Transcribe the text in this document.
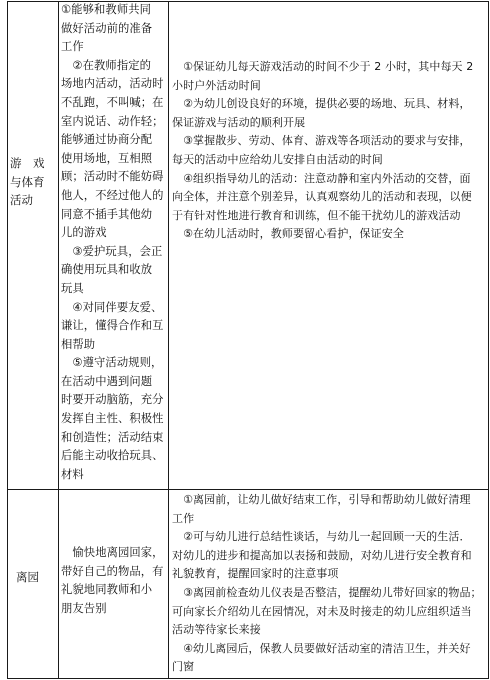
游　戏

与体育

活动

①能够和教师共同

做好活动前的准备

工作

　②在教师指定的

场地内活动，活动时

不乱跑，不叫喊；在

室内说话、动作轻；

能够通过协商分配

使用场地，互相照

顾；活动时不能妨碍

他人，不经过他人的

同意不插手其他幼

儿的游戏

　③爱护玩具，会正

确使用玩具和收放

玩具

　④对同伴要友爱、

谦让，懂得合作和互

相帮助

　⑤遵守活动规则，

在活动中遇到问题

时要开动脑筋，充分

发挥自主性、积极性

和创造性；活动结束

后能主动收拾玩具、

材料

　①保证幼儿每天游戏活动的时间不少于 2 小时，其中每天 2

小时户外活动时间

　②为幼儿创设良好的环境，提供必要的场地、玩具、材料，

保证游戏与活动的顺利开展

　③掌握散步、劳动、体育、游戏等各项活动的要求与安排，

每天的活动中应给幼儿安排自由活动的时间

　④组织指导幼儿的活动：注意动静和室内外活动的交替，面

向全体，并注意个别差异，认真观察幼儿的活动和表现，以便

于有针对性地进行教育和训练，但不能干扰幼儿的游戏活动

　⑤在幼儿活动时，教师要留心看护，保证安全

离园

　愉快地离园回家，

带好自己的物品，有

礼貌地同教师和小

朋友告别

　①离园前，让幼儿做好结束工作，引导和帮助幼儿做好清理

工作

　②可与幼儿进行总结性谈话，与幼儿一起回顾一天的生活．

对幼儿的进步和提高加以表扬和鼓励，对幼儿进行安全教育和

礼貌教育，提醒回家时的注意事项

　③离园前检查幼儿仪表是否整洁，提醒幼儿带好回家的物品；

可向家长介绍幼儿在园情况，对未及时接走的幼儿应组织适当

活动等待家长来接

　④幼儿离园后，保教人员要做好活动室的清洁卫生，并关好

门窗
